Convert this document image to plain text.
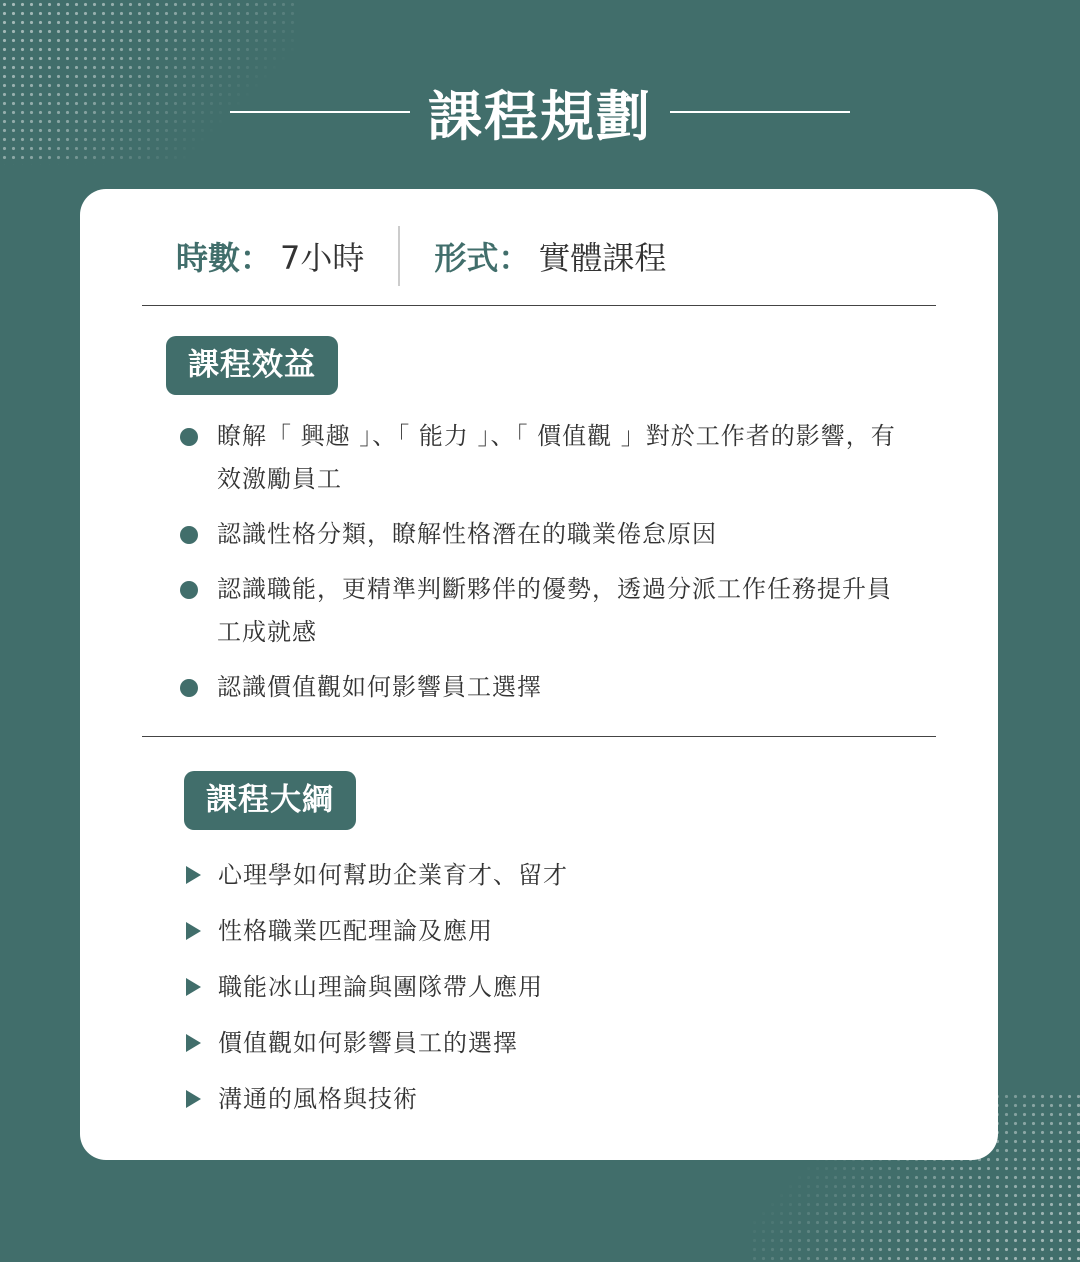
課程規劃
時數： 7小時 形式： 實體課程
課程效益
瞭解「 興趣 」、「 能力 」、「 價值觀 」對於工作者的影響，有效激勵員工
認識性格分類，瞭解性格潛在的職業倦怠原因
認識職能，更精準判斷夥伴的優勢，透過分派工作任務提升員工成就感
認識價值觀如何影響員工選擇
課程大綱
心理學如何幫助企業育才、留才
性格職業匹配理論及應用
職能冰山理論與團隊帶人應用
價值觀如何影響員工的選擇
溝通的風格與技術
